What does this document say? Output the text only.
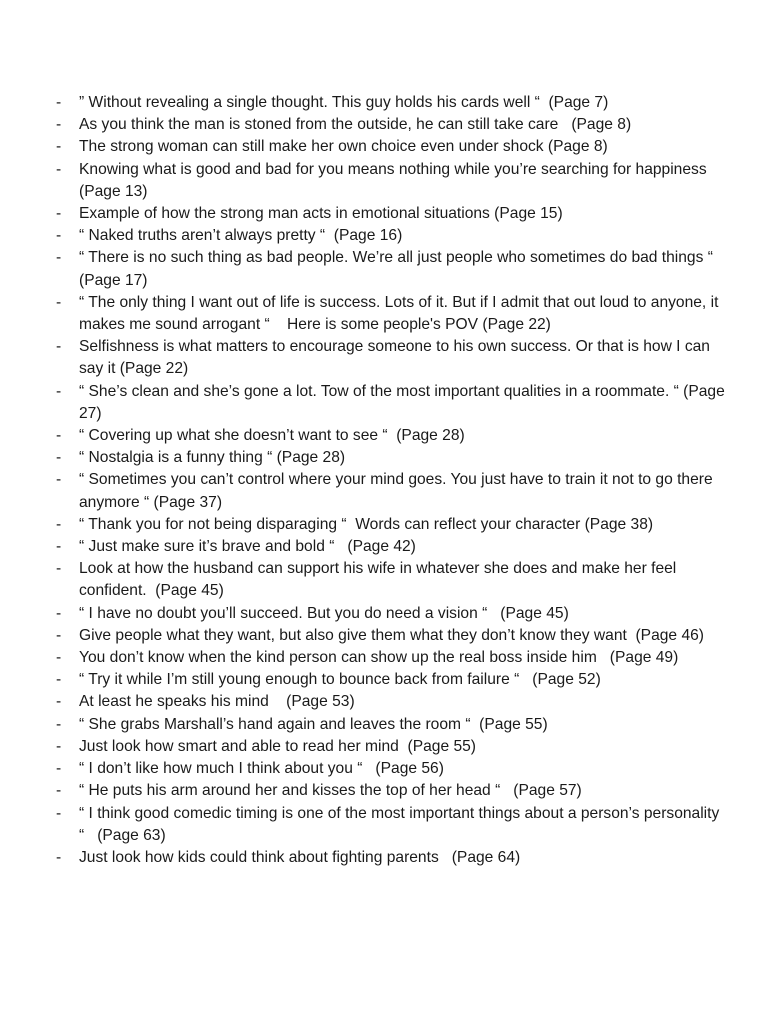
-	” Without revealing a single thought. This guy holds his cards well “  (Page 7)
-	As you think the man is stoned from the outside, he can still take care   (Page 8)
-	The strong woman can still make her own choice even under shock (Page 8)
-	Knowing what is good and bad for you means nothing while you’re searching for happiness
(Page 13)
-	Example of how the strong man acts in emotional situations (Page 15)
-	“ Naked truths aren’t always pretty “  (Page 16)
-	“ There is no such thing as bad people. We’re all just people who sometimes do bad things “ (Page 17)
-	“ The only thing I want out of life is success. Lots of it. But if I admit that out loud to anyone, it makes me sound arrogant “    Here is some people's POV (Page 22)
-	Selfishness is what matters to encourage someone to his own success. Or that is how I can say it (Page 22)
-	“ She’s clean and she’s gone a lot. Tow of the most important qualities in a roommate. “ (Page 27)
-	“ Covering up what she doesn’t want to see “  (Page 28)
-	“ Nostalgia is a funny thing “ (Page 28)
-	“ Sometimes you can’t control where your mind goes. You just have to train it not to go there anymore “ (Page 37)
-	“ Thank you for not being disparaging “  Words can reflect your character (Page 38)
-	“ Just make sure it’s brave and bold “   (Page 42)
-	Look at how the husband can support his wife in whatever she does and make her feel confident.  (Page 45)
-	“ I have no doubt you’ll succeed. But you do need a vision “   (Page 45)
-	Give people what they want, but also give them what they don’t know they want  (Page 46)
-	You don’t know when the kind person can show up the real boss inside him   (Page 49)
-	“ Try it while I’m still young enough to bounce back from failure “   (Page 52)
-	At least he speaks his mind    (Page 53)
-	“ She grabs Marshall’s hand again and leaves the room “  (Page 55)
-	Just look how smart and able to read her mind  (Page 55)
-	“ I don’t like how much I think about you “   (Page 56)
-	“ He puts his arm around her and kisses the top of her head “   (Page 57)
-	“ I think good comedic timing is one of the most important things about a person’s personality “   (Page 63)
-	Just look how kids could think about fighting parents   (Page 64)
